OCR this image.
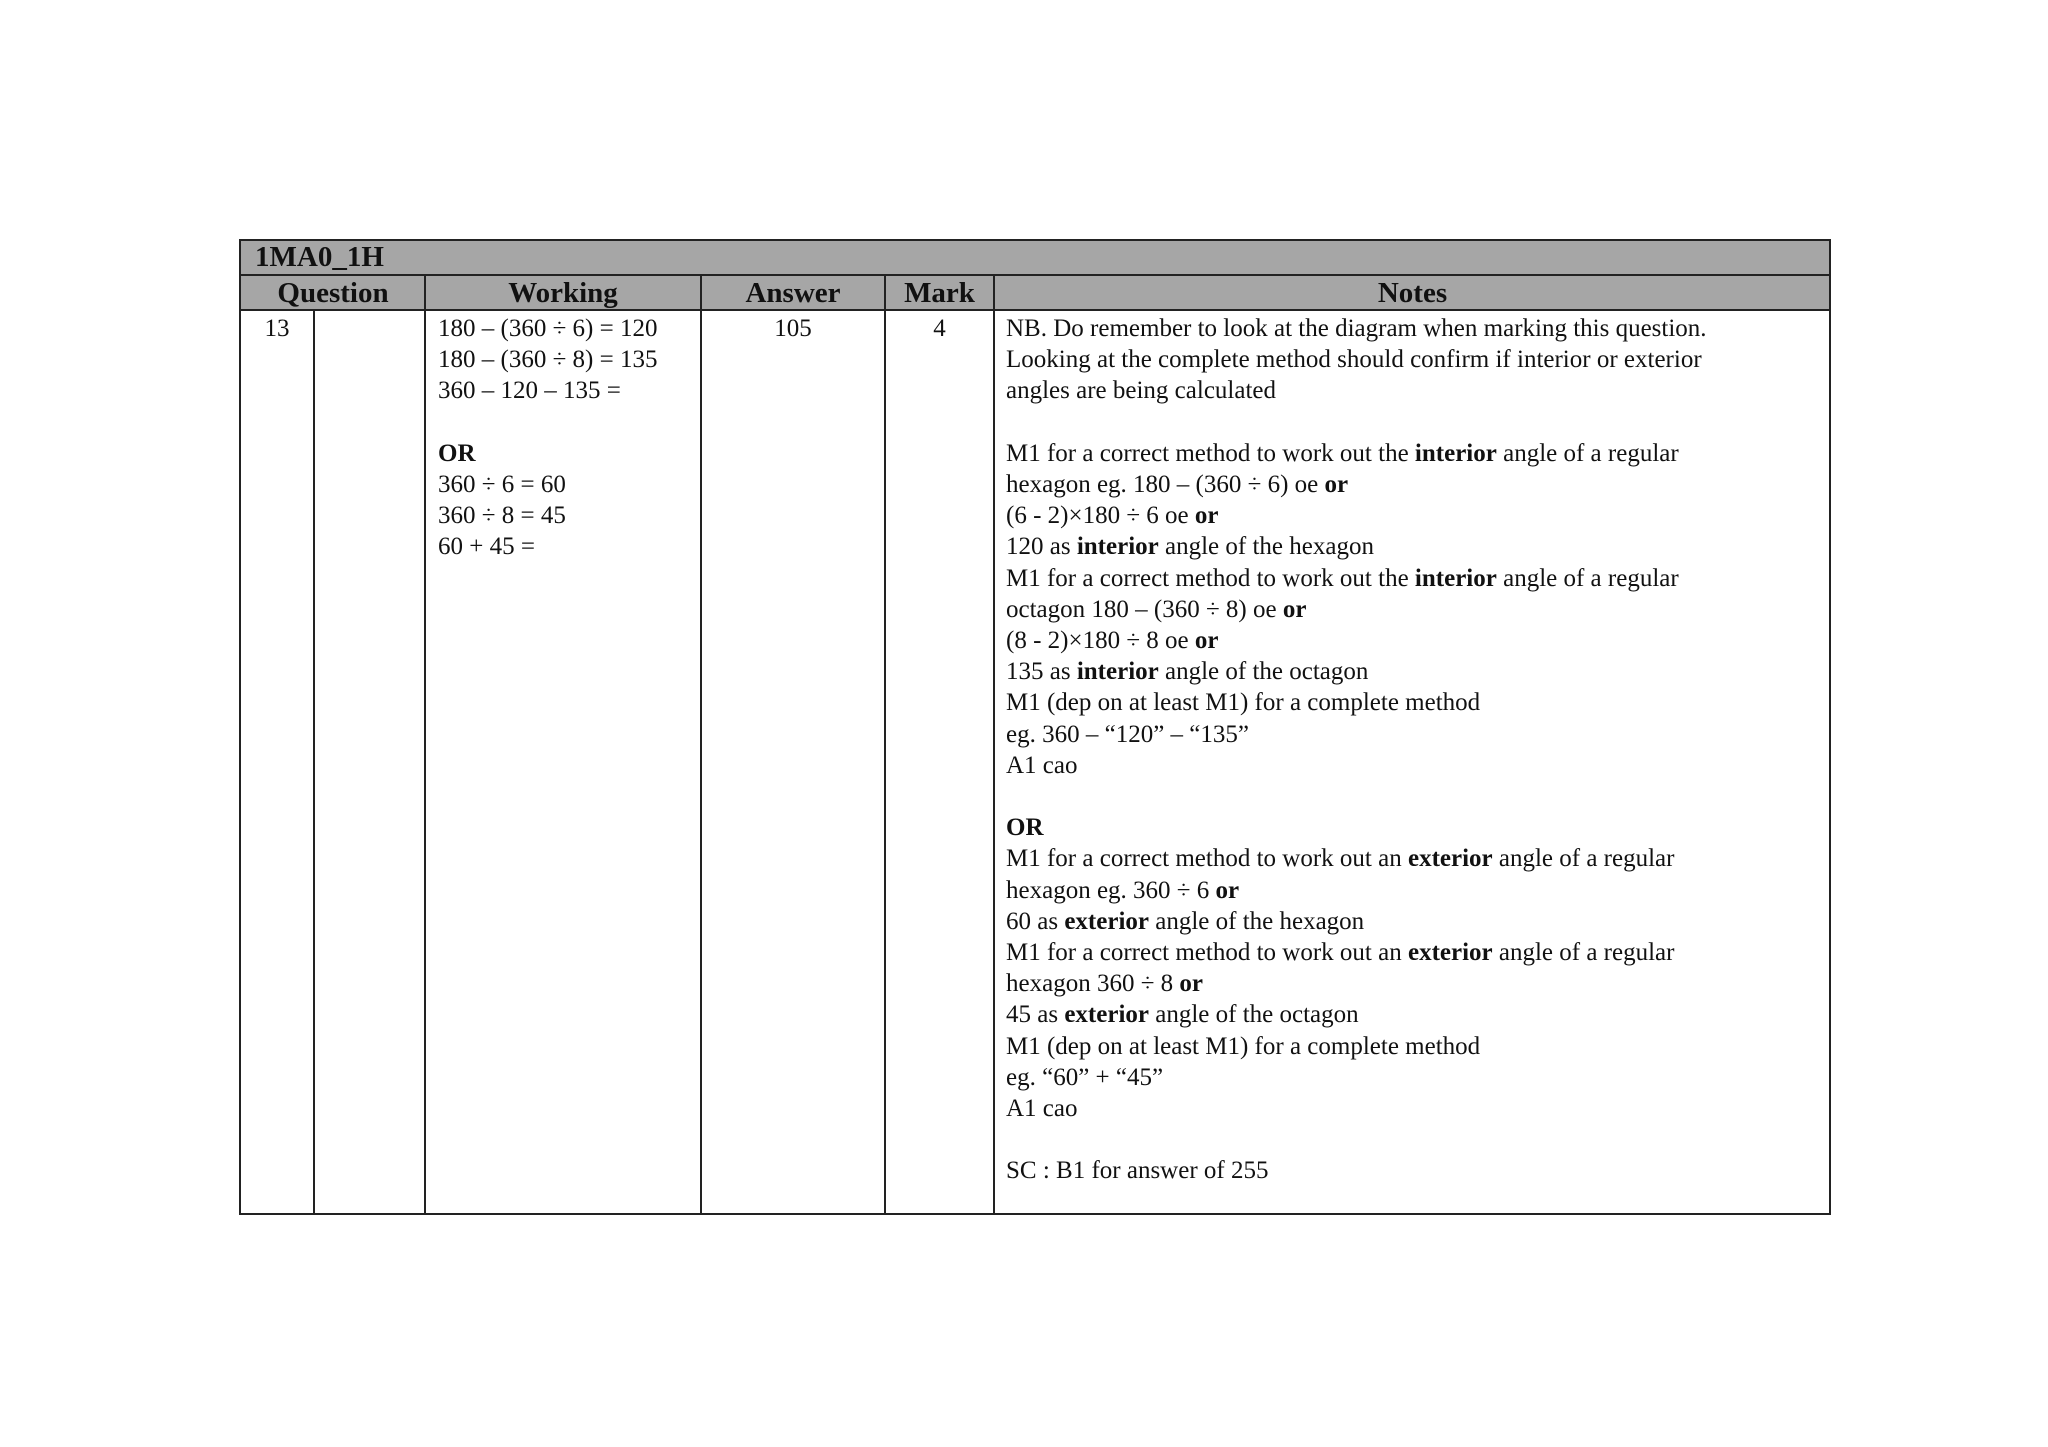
1MA0_1H
Question	Working	Answer	Mark	Notes
13	180 – (360 ÷ 6) = 120
180 – (360 ÷ 8) = 135
360 – 120 – 135 =

OR
360 ÷ 6 = 60
360 ÷ 8 = 45
60 + 45 =
105	4	NB. Do remember to look at the diagram when marking this question.
Looking at the complete method should confirm if interior or exterior
angles are being calculated

M1 for a correct method to work out the interior angle of a regular
hexagon eg. 180 – (360 ÷ 6) oe or
(6 - 2)×180 ÷ 6 oe or
120 as interior angle of the hexagon
M1 for a correct method to work out the interior angle of a regular
octagon 180 – (360 ÷ 8) oe or
(8 - 2)×180 ÷ 8 oe or
135 as interior angle of the octagon
M1 (dep on at least M1) for a complete method
eg. 360 – “120” – “135”
A1 cao

OR
M1 for a correct method to work out an exterior angle of a regular
hexagon eg. 360 ÷ 6 or
60 as exterior angle of the hexagon
M1 for a correct method to work out an exterior angle of a regular
hexagon 360 ÷ 8 or
45 as exterior angle of the octagon
M1 (dep on at least M1) for a complete method
eg. “60” + “45”
A1 cao

SC : B1 for answer of 255
